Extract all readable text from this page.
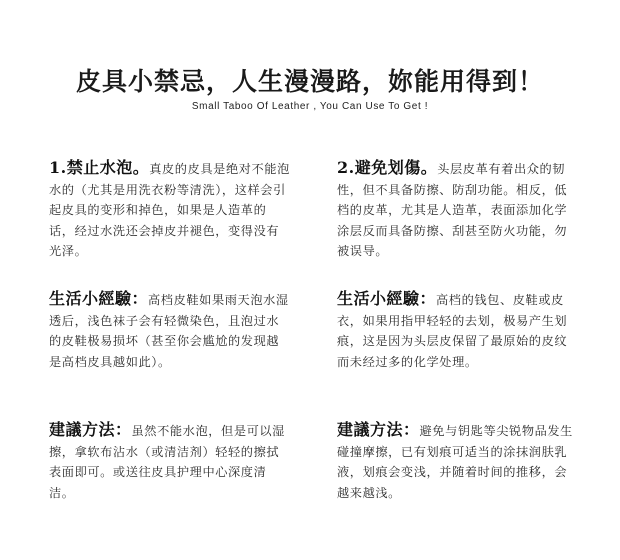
皮具小禁忌，人生漫漫路，妳能用得到！
Small Taboo Of Leather , You Can Use To Get !
1.禁止水泡。真皮的皮具是绝对不能泡水的（尤其是用洗衣粉等清洗），这样会引起皮具的变形和掉色，如果是人造革的话，经过水洗还会掉皮并褪色，变得没有光泽。
2.避免划傷。头层皮革有着出众的韧性，但不具备防擦、防刮功能。相反，低档的皮革，尤其是人造革，表面添加化学涂层反而具备防擦、刮甚至防火功能，勿被误导。
生活小經驗：高档皮鞋如果雨天泡水湿透后，浅色袜子会有轻微染色，且泡过水的皮鞋极易损坏（甚至你会尴尬的发现越是高档皮具越如此）。
生活小經驗：高档的钱包、皮鞋或皮衣，如果用指甲轻轻的去划，极易产生划痕，这是因为头层皮保留了最原始的皮纹而未经过多的化学处理。
建議方法：虽然不能水泡，但是可以湿擦，拿软布沾水（或清洁剂）轻轻的擦拭表面即可。或送往皮具护理中心深度清洁。
建議方法：避免与钥匙等尖锐物品发生碰撞摩擦，已有划痕可适当的涂抹润肤乳液，划痕会变浅，并随着时间的推移，会越来越浅。
